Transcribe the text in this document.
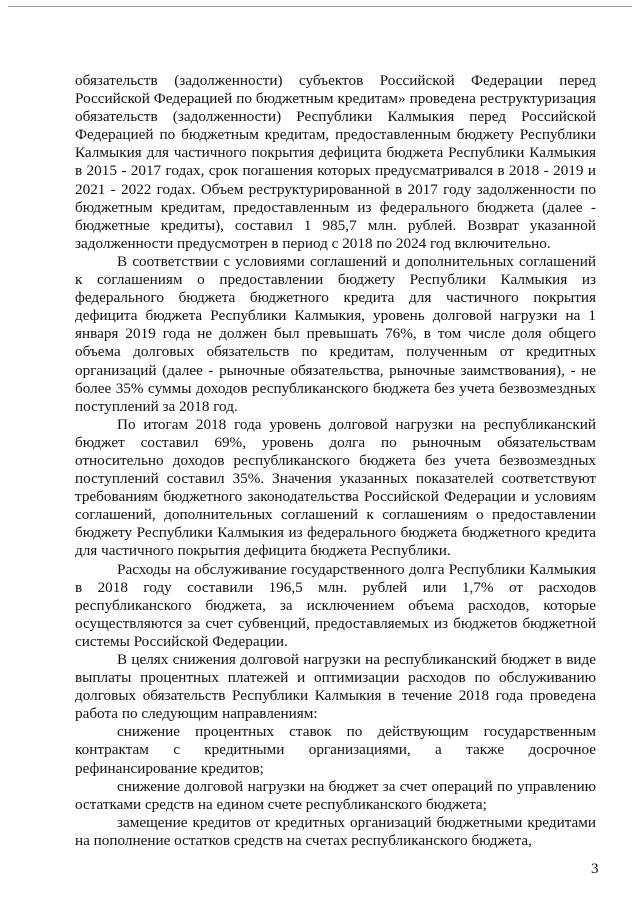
обязательств (задолженности) субъектов Российской Федерации перед Российской Федерацией по бюджетным кредитам» проведена реструктуризация обязательств (задолженности) Республики Калмыкия перед Российской Федерацией по бюджетным кредитам, предоставленным бюджету Республики Калмыкия для частичного покрытия дефицита бюджета Республики Калмыкия в 2015 - 2017 годах, срок погашения которых предусматривался в 2018 - 2019 и 2021 - 2022 годах. Объем реструктурированной в 2017 году задолженности по бюджетным кредитам, предоставленным из федерального бюджета (далее - бюджетные кредиты), составил 1 985,7 млн. рублей. Возврат указанной задолженности предусмотрен в период с 2018 по 2024 год включительно.

В соответствии с условиями соглашений и дополнительных соглашений к соглашениям о предоставлении бюджету Республики Калмыкия из федерального бюджета бюджетного кредита для частичного покрытия дефицита бюджета Республики Калмыкия, уровень долговой нагрузки на 1 января 2019 года не должен был превышать 76%, в том числе доля общего объема долговых обязательств по кредитам, полученным от кредитных организаций (далее - рыночные обязательства, рыночные заимствования), - не более 35% суммы доходов республиканского бюджета без учета безвозмездных поступлений за 2018 год.

По итогам 2018 года уровень долговой нагрузки на республиканский бюджет составил 69%, уровень долга по рыночным обязательствам относительно доходов республиканского бюджета без учета безвозмездных поступлений составил 35%. Значения указанных показателей соответствуют требованиям бюджетного законодательства Российской Федерации и условиям соглашений, дополнительных соглашений к соглашениям о предоставлении бюджету Республики Калмыкия из федерального бюджета бюджетного кредита для частичного покрытия дефицита бюджета Республики.

Расходы на обслуживание государственного долга Республики Калмыкия в 2018 году составили 196,5 млн. рублей или 1,7% от расходов республиканского бюджета, за исключением объема расходов, которые осуществляются за счет субвенций, предоставляемых из бюджетов бюджетной системы Российской Федерации.

В целях снижения долговой нагрузки на республиканский бюджет в виде выплаты процентных платежей и оптимизации расходов по обслуживанию долговых обязательств Республики Калмыкия в течение 2018 года проведена работа по следующим направлениям:

снижение процентных ставок по действующим государственным контрактам с кредитными организациями, а также досрочное рефинансирование кредитов;

снижение долговой нагрузки на бюджет за счет операций по управлению остатками средств на едином счете республиканского бюджета;

замещение кредитов от кредитных организаций бюджетными кредитами на пополнение остатков средств на счетах республиканского бюджета,

3
